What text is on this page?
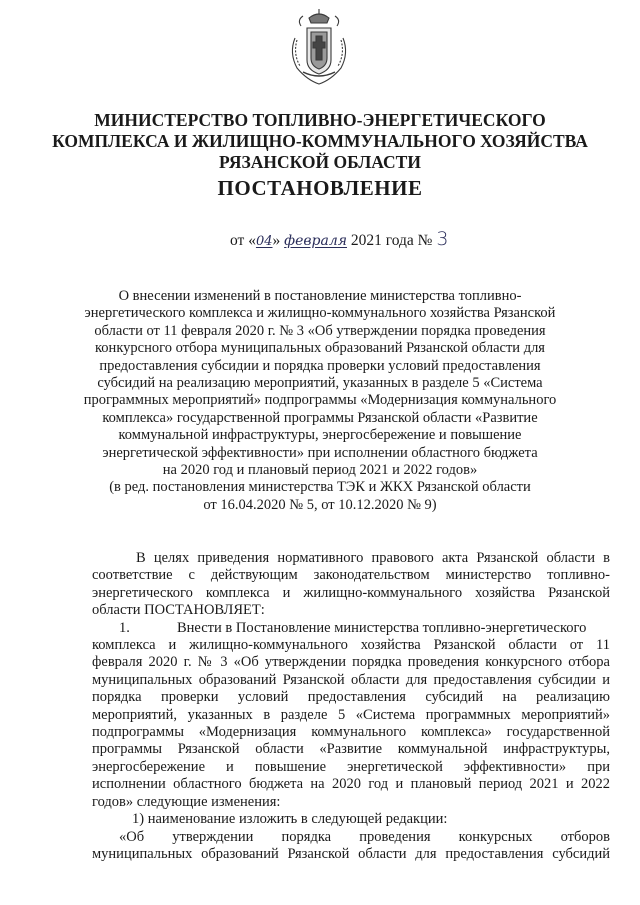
МИНИСТЕРСТВО ТОПЛИВНО-ЭНЕРГЕТИЧЕСКОГО
КОМПЛЕКСА И ЖИЛИЩНО-КОММУНАЛЬНОГО ХОЗЯЙСТВА
РЯЗАНСКОЙ ОБЛАСТИ
ПОСТАНОВЛЕНИЕ
от «04» февраля 2021 года № 3
О внесении изменений в постановление министерства топливно-
энергетического комплекса и жилищно-коммунального хозяйства Рязанской
области от 11 февраля 2020 г. № 3 «Об утверждении порядка проведения
конкурсного отбора муниципальных образований Рязанской области для
предоставления субсидии и порядка проверки условий предоставления
субсидий на реализацию мероприятий, указанных в разделе 5 «Система
программных мероприятий» подпрограммы «Модернизация коммунального
комплекса» государственной программы Рязанской области «Развитие
коммунальной инфраструктуры, энергосбережение и повышение
энергетической эффективности» при исполнении областного бюджета
на 2020 год и плановый период 2021 и 2022 годов»
(в ред. постановления министерства ТЭК и ЖКХ Рязанской области
от 16.04.2020 № 5, от 10.12.2020 № 9)
В целях приведения нормативного правового акта Рязанской области в
соответствие с действующим законодательством министерство топливно-
энергетического комплекса и жилищно-коммунального хозяйства Рязанской
области ПОСТАНОВЛЯЕТ:
1.	Внести в Постановление министерства топливно-энергетического
комплекса и жилищно-коммунального хозяйства Рязанской области от 11
февраля 2020 г. № 3 «Об утверждении порядка проведения конкурсного отбора
муниципальных образований Рязанской области для предоставления субсидии и
порядка проверки условий предоставления субсидий на реализацию
мероприятий, указанных в разделе 5 «Система программных мероприятий»
подпрограммы «Модернизация коммунального комплекса» государственной
программы Рязанской области «Развитие коммунальной инфраструктуры,
энергосбережение и повышение энергетической эффективности» при
исполнении областного бюджета на 2020 год и плановый период 2021 и 2022
годов» следующие изменения:
1) наименование изложить в следующей редакции:
«Об утверждении порядка проведения конкурсных отборов
муниципальных образований Рязанской области для предоставления субсидий
